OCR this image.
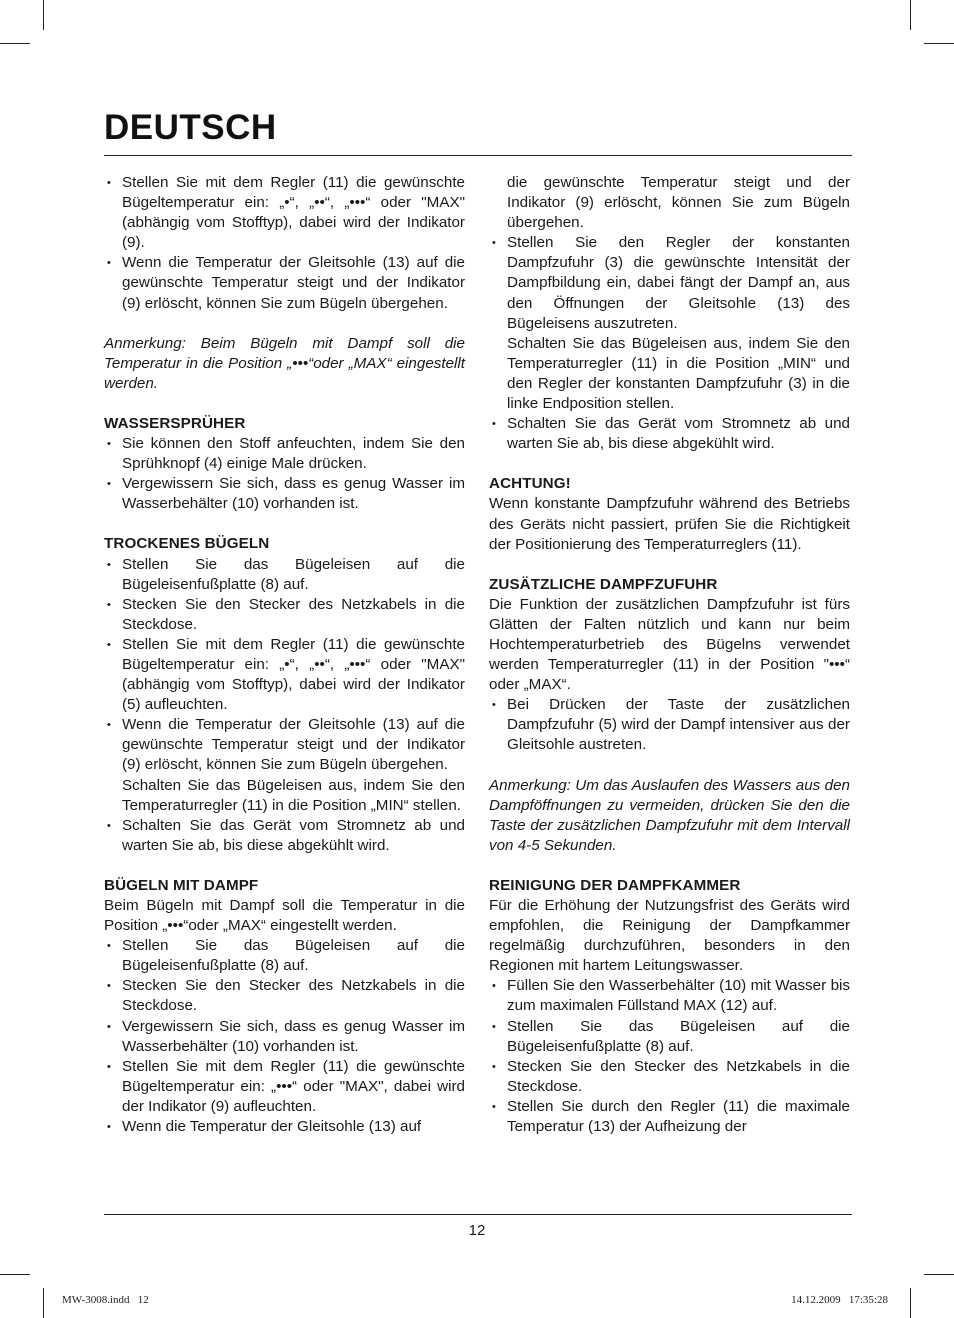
DEUTSCH

• Stellen Sie mit dem Regler (11) die gewünschte Bügeltemperatur ein: „•“, „••“, „•••“ oder "MAX" (abhängig vom Stofftyp), dabei wird der Indikator (9).

• Wenn die Temperatur der Gleitsohle (13) auf die gewünschte Temperatur steigt und der Indikator (9) erlöscht, können Sie zum Bügeln übergehen.

Anmerkung: Beim Bügeln mit Dampf soll die Temperatur in die Position „•••“oder „MAX“ eingestellt werden.

WASSERSPRÜHER

• Sie können den Stoff anfeuchten, indem Sie den Sprühknopf (4) einige Male drücken.

• Vergewissern Sie sich, dass es genug Wasser im Wasserbehälter (10) vorhanden ist.

TROCKENES BÜGELN

• Stellen Sie das Bügeleisen auf die Bügeleisenfußplatte (8) auf.

• Stecken Sie den Stecker des Netzkabels in die Steckdose.

• Stellen Sie mit dem Regler (11) die gewünschte Bügeltemperatur ein: „•“, „••“, „•••“ oder "MAX" (abhängig vom Stofftyp), dabei wird der Indikator (5) aufleuchten.

• Wenn die Temperatur der Gleitsohle (13) auf die gewünschte Temperatur steigt und der Indikator (9) erlöscht, können Sie zum Bügeln übergehen.

Schalten Sie das Bügeleisen aus, indem Sie den Temperaturregler (11) in die Position „MIN“ stellen.

• Schalten Sie das Gerät vom Stromnetz ab und warten Sie ab, bis diese abgekühlt wird.

BÜGELN MIT DAMPF

Beim Bügeln mit Dampf soll die Temperatur in die Position „•••“oder „MAX“ eingestellt werden.

• Stellen Sie das Bügeleisen auf die Bügeleisenfußplatte (8) auf.

• Stecken Sie den Stecker des Netzkabels in die Steckdose.

• Vergewissern Sie sich, dass es genug Wasser im Wasserbehälter (10) vorhanden ist.

• Stellen Sie mit dem Regler (11) die gewünschte Bügeltemperatur ein: „•••“ oder "MAX", dabei wird der Indikator (9) aufleuchten.

• Wenn die Temperatur der Gleitsohle (13) auf

die gewünschte Temperatur steigt und der Indikator (9) erlöscht, können Sie zum Bügeln übergehen.

• Stellen Sie den Regler der konstanten Dampfzufuhr (3) die gewünschte Intensität der Dampfbildung ein, dabei fängt der Dampf an, aus den Öffnungen der Gleitsohle (13) des Bügeleisens auszutreten.

Schalten Sie das Bügeleisen aus, indem Sie den Temperaturregler (11) in die Position „MIN“ und den Regler der konstanten Dampfzufuhr (3) in die linke Endposition stellen.

• Schalten Sie das Gerät vom Stromnetz ab und warten Sie ab, bis diese abgekühlt wird.

ACHTUNG!

Wenn konstante Dampfzufuhr während des Betriebs des Geräts nicht passiert, prüfen Sie die Richtigkeit der Positionierung des Temperaturreglers (11).

ZUSÄTZLICHE DAMPFZUFUHR

Die Funktion der zusätzlichen Dampfzufuhr ist fürs Glätten der Falten nützlich und kann nur beim Hochtemperaturbetrieb des Bügelns verwendet werden Temperaturregler (11) in der Position "•••“ oder „MAX“.

• Bei Drücken der Taste der zusätzlichen Dampfzufuhr (5) wird der Dampf intensiver aus der Gleitsohle austreten.

Anmerkung: Um das Auslaufen des Wassers aus den Dampföffnungen zu vermeiden, drücken Sie den die Taste der zusätzlichen Dampfzufuhr mit dem Intervall von 4-5 Sekunden.

REINIGUNG DER DAMPFKAMMER

Für die Erhöhung der Nutzungsfrist des Geräts wird empfohlen, die Reinigung der Dampfkammer regelmäßig durchzuführen, besonders in den Regionen mit hartem Leitungswasser.

• Füllen Sie den Wasserbehälter (10) mit Wasser bis zum maximalen Füllstand MAX (12) auf.

• Stellen Sie das Bügeleisen auf die Bügeleisenfußplatte (8) auf.

• Stecken Sie den Stecker des Netzkabels in die Steckdose.

• Stellen Sie durch den Regler (11) die maximale Temperatur (13) der Aufheizung der

12
MW-3008.indd   12	14.12.2009   17:35:28
